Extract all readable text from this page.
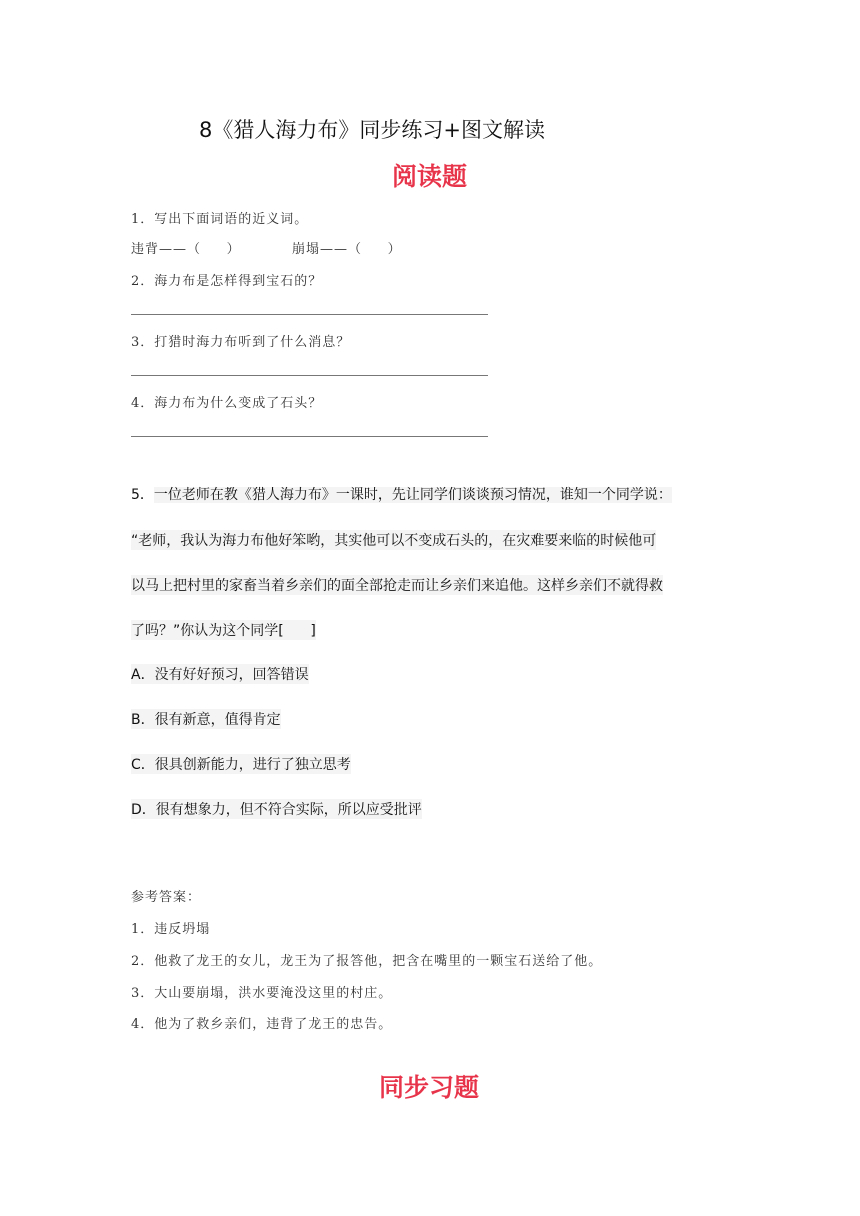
8《猎人海力布》同步练习+图文解读
阅读题
1．写出下面词语的近义词。
违背——（     ）          崩塌——（     ）
2．海力布是怎样得到宝石的？
3．打猎时海力布听到了什么消息？
4．海力布为什么变成了石头？
5．一位老师在教《猎人海力布》一课时，先让同学们谈谈预习情况，谁知一个同学说：
“老师，我认为海力布他好笨哟，其实他可以不变成石头的，在灾难要来临的时候他可
以马上把村里的家畜当着乡亲们的面全部抢走而让乡亲们来追他。这样乡亲们不就得救
了吗？”你认为这个同学[      ]
A．没有好好预习，回答错误
B．很有新意，值得肯定
C．很具创新能力，进行了独立思考
D．很有想象力，但不符合实际，所以应受批评
参考答案：
1．违反坍塌
2．他救了龙王的女儿，龙王为了报答他，把含在嘴里的一颗宝石送给了他。
3．大山要崩塌，洪水要淹没这里的村庄。
4．他为了救乡亲们，违背了龙王的忠告。
同步习题
